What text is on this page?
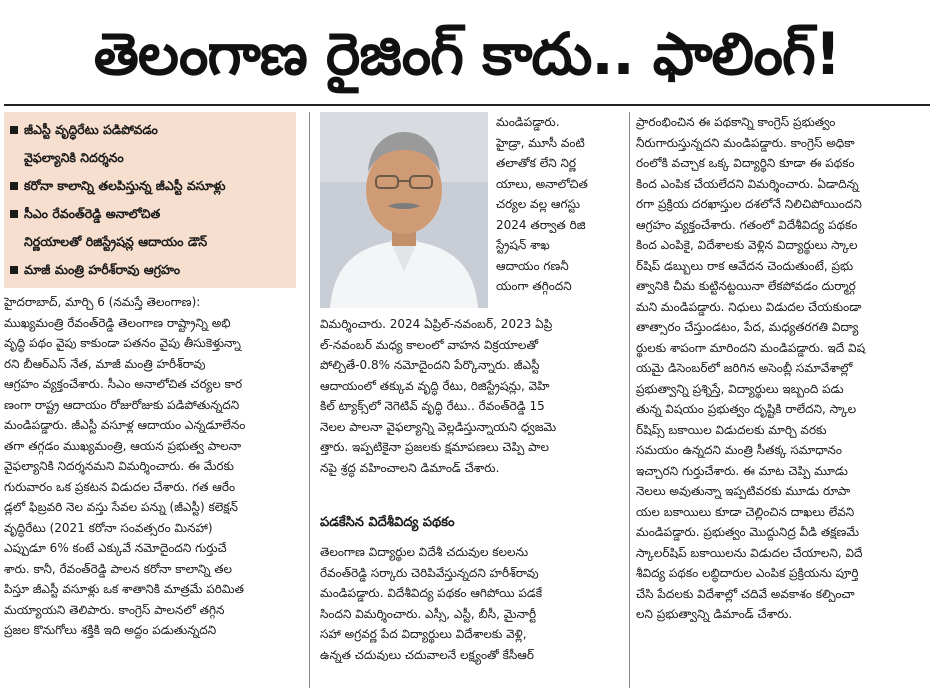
తెలంగాణ రైజింగ్ కాదు.. ఫాలింగ్!
జీఎస్టీ వృద్ధిరేటు పడిపోవడం
వైఫల్యానికి నిదర్శనం
కరోనా కాలాన్ని తలపిస్తున్న జీఎస్టీ వసూళ్లు
సీఎం రేవంత్‌రెడ్డి అనాలోచిత
నిర్ణయాలతో రిజిస్ట్రేషన్ల ఆదాయం డౌన్
మాజీ మంత్రి హరీశ్‌రావు ఆగ్రహం

హైదరాబాద్, మార్చి 6 (నమస్తే తెలంగాణ):

ముఖ్యమంత్రి రేవంత్‌రెడ్డి తెలంగాణ రాష్ట్రాన్ని అభి

వృద్ధి పథం వైపు కాకుండా పతనం వైపు తీసుకెళ్తున్నా

రని బీఆర్‌ఎస్ నేత, మాజీ మంత్రి హరీశ్‌రావు

ఆగ్రహం వ్యక్తంచేశారు. సీఎం అనాలోచిత చర్యల కార

ణంగా రాష్ట్ర ఆదాయం రోజురోజుకు పడిపోతున్నదని

మండిపడ్డారు. జీఎస్టీ వసూళ్ల ఆదాయం ఎన్నడూలేనం

తగా తగ్గడం ముఖ్యమంత్రి, ఆయన ప్రభుత్వ పాలనా

వైఫల్యానికి నిదర్శనమని విమర్శించారు. ఈ మేరకు

గురువారం ఒక ప్రకటన విడుదల చేశారు. గత ఆరేం

డ్లలో ఫిబ్రవరి నెల వస్తు సేవల పన్ను (జీఎస్టీ) కలెక్షన్

వృద్ధిరేటు (2021 కరోనా సంవత్సరం మినహా)

ఎప్పుడూ 6% కంటే ఎక్కువే నమోదైందని గుర్తుచే

శారు. కానీ, రేవంత్‌రెడ్డి పాలన కరోనా కాలాన్ని తల

పిస్తూ జీఎస్టీ వసూళ్లు ఒక శాతానికి మాత్రమే పరిమిత

మయ్యాయని తెలిపారు. కాంగ్రెస్ పాలనలో తగ్గిన

ప్రజల కొనుగోలు శక్తికి ఇది అద్దం పడుతున్నదని

మండిపడ్డారు.

హైడ్రా, మూసీ వంటి

తలాతోక లేని నిర్ణ

యాలు, అనాలోచిత

చర్యల వల్ల ఆగస్టు

2024 తర్వాత రిజి

స్ట్రేషన్ శాఖ

ఆదాయం గణనీ

యంగా తగ్గిందని

విమర్శించారు. 2024 ఏప్రిల్-నవంబర్, 2023 ఏప్రి

ల్-నవంబర్ మధ్య కాలంలో వాహన విక్రయాలతో

పోల్చితే-0.8% నమోదైందని పేర్కొన్నారు. జీఎస్టీ

ఆదాయంలో తక్కువ వృద్ధి రేటు, రిజిస్ట్రేషన్లు, వెహి

కిల్ ట్యాక్స్‌లో నెగెటివ్ వృద్ధి రేటు.. రేవంత్‌రెడ్డి 15

నెలల పాలనా వైఫల్యాన్ని వెల్లడిస్తున్నాయని ధ్వజమె

త్తారు. ఇప్పటికైనా ప్రజలకు క్షమాపణలు చెప్పి పాల

నపై శ్రద్ధ వహించాలని డిమాండ్ చేశారు.

పడకేసిన విదేశీవిద్య పథకం

తెలంగాణ విద్యార్థుల విదేశీ చదువుల కలలను

రేవంత్‌రెడ్డి సర్కారు చెరిపివేస్తున్నదని హరీశ్‌రావు

మండిపడ్డారు. విదేశీవిద్య పథకం ఆగిపోయి పడకే

సిందని విమర్శించారు. ఎస్సీ, ఎస్టీ, బీసీ, మైనార్టీ

సహా అగ్రవర్ణ పేద విద్యార్థులు విదేశాలకు వెళ్లి,

ఉన్నత చదువులు చదువాలనే లక్ష్యంతో కేసీఆర్

ప్రారంభించిన ఈ పథకాన్ని కాంగ్రెస్ ప్రభుత్వం

నీరుగారుస్తున్నదని మండిపడ్డారు. కాంగ్రెస్ అధికా

రంలోకి వచ్చాక ఒక్క విద్యార్థిని కూడా ఈ పథకం

కింద ఎంపిక చేయలేదని విమర్శించారు. ఏడాదిన్న

రగా ప్రక్రియ దరఖాస్తుల దశలోనే నిలిచిపోయిందని

ఆగ్రహం వ్యక్తంచేశారు. గతంలో విదేశీవిద్య పథకం

కింద ఎంపికై, విదేశాలకు వెళ్లిన విద్యార్థులు స్కాల

ర్‌షిప్ డబ్బులు రాక ఆవేదన చెందుతుంటే, ప్రభు

త్వానికి చీమ కుట్టినట్టయినా లేకపోవడం దుర్మార్గ

మని మండిపడ్డారు. నిధులు విడుదల చేయకుండా

తాత్సారం చేస్తుండటం, పేద, మధ్యతరగతి విద్యా

ర్థులకు శాపంగా మారిందని మండిపడ్డారు. ఇదే విష

యమై డిసెంబర్‌లో జరిగిన అసెంబ్లీ సమావేశాల్లో

ప్రభుత్వాన్ని ప్రశ్నిస్తే, విద్యార్థులు ఇబ్బంది పడు

తున్న విషయం ప్రభుత్వం దృష్టికి రాలేదని, స్కాల

ర్‌షిప్స్ బకాయిల విడుదలకు మార్చి వరకు

సమయం ఉన్నదని మంత్రి సీతక్క సమాధానం

ఇచ్చారని గుర్తుచేశారు. ఈ మాట చెప్పి మూడు

నెలలు అవుతున్నా ఇప్పటివరకు మూడు రూపా

యల బకాయిలు కూడా చెల్లించిన దాఖలు లేవని

మండిపడ్డారు. ప్రభుత్వం మొద్దునిద్ర వీడి తక్షణమే

స్కాలర్‌షిప్ బకాయిలను విడుదల చేయాలని, విదే

శీవిద్య పథకం లబ్ధిదారుల ఎంపిక ప్రక్రియను పూర్తి

చేసి పేదలకు విదేశాల్లో చదివే అవకాశం కల్పించా

లని ప్రభుత్వాన్ని డిమాండ్ చేశారు.
